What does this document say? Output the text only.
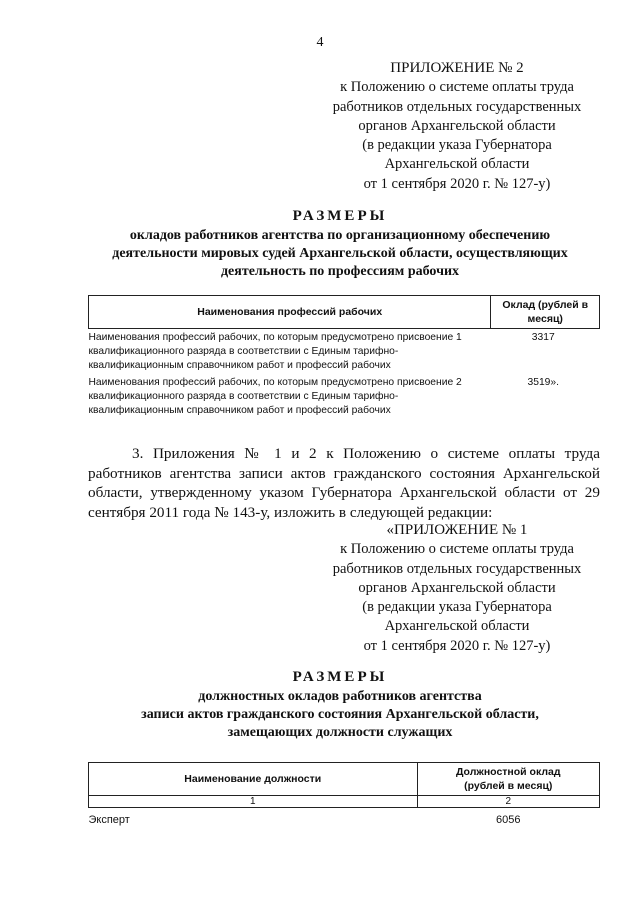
4
ПРИЛОЖЕНИЕ № 2
к Положению о системе оплаты труда
работников отдельных государственных
органов Архангельской области
(в редакции указа Губернатора
Архангельской области
от 1 сентября 2020 г. № 127-у)
РАЗМЕРЫ
окладов работников агентства по организационному обеспечению
деятельности мировых судей Архангельской области, осуществляющих
деятельность по профессиям рабочих
Наименования профессий рабочих	Оклад (рублей в месяц)
Наименования профессий рабочих, по которым предусмотрено присвоение 1 квалификационного разряда в соответствии с Единым тарифно-квалификационным справочником работ и профессий рабочих	3317
Наименования профессий рабочих, по которым предусмотрено присвоение 2 квалификационного разряда в соответствии с Единым тарифно-квалификационным справочником работ и профессий рабочих	3519».
3. Приложения № 1 и 2 к Положению о системе оплаты труда работников агентства записи актов гражданского состояния Архангельской области, утвержденному указом Губернатора Архангельской области от 29 сентября 2011 года № 143-у, изложить в следующей редакции:
«ПРИЛОЖЕНИЕ № 1
к Положению о системе оплаты труда
работников отдельных государственных
органов Архангельской области
(в редакции указа Губернатора
Архангельской области
от 1 сентября 2020 г. № 127-у)
РАЗМЕРЫ
должностных окладов работников агентства
записи актов гражданского состояния Архангельской области,
замещающих должности служащих
Наименование должности	Должностной оклад
(рублей в месяц)

1	2
Эксперт	6056
